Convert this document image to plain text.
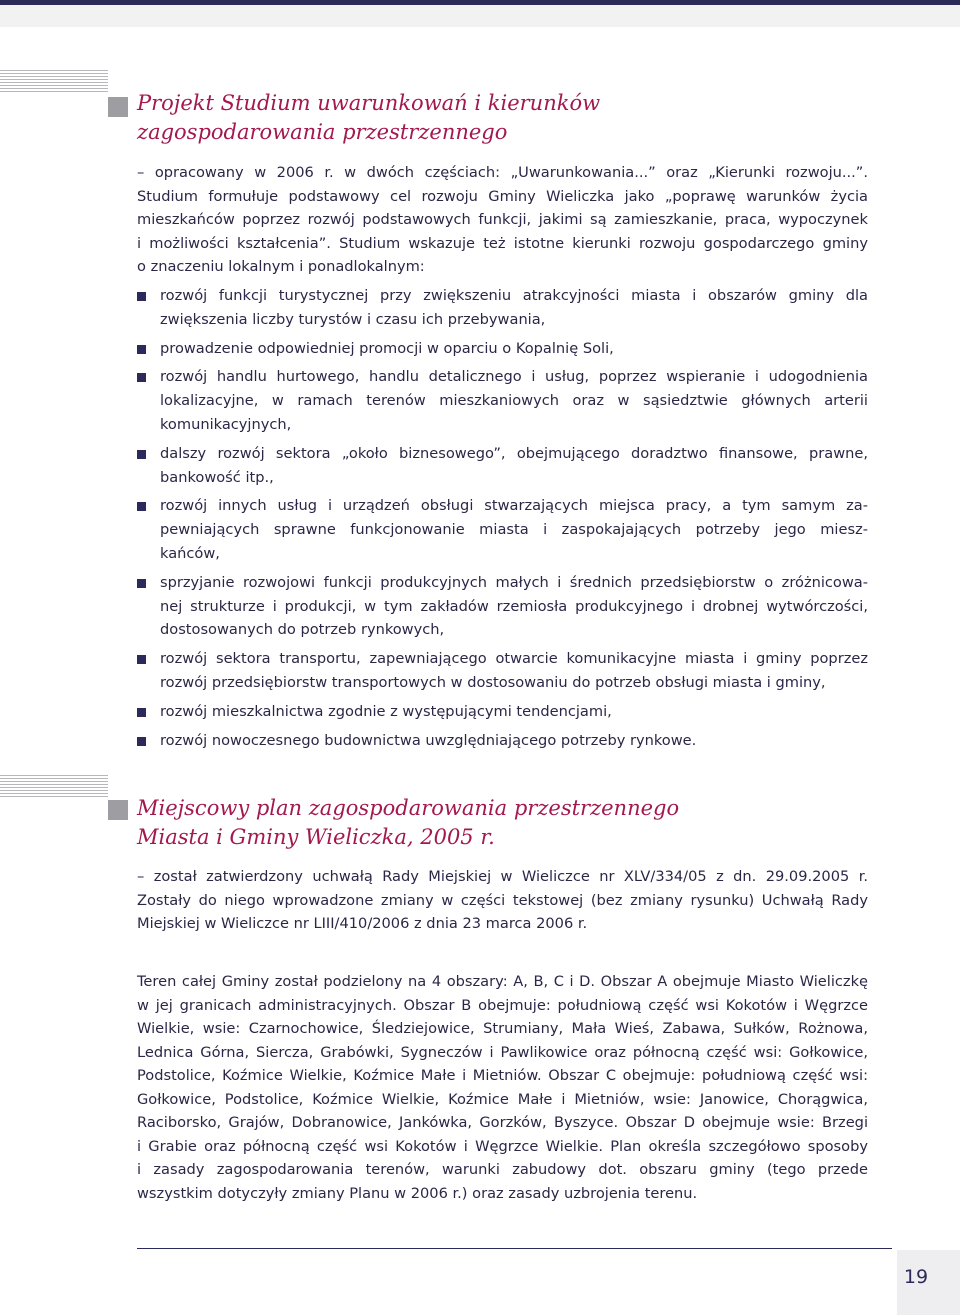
Projekt Studium uwarunkowań i kierunków
zagospodarowania przestrzennego

– opracowany w 2006 r. w dwóch częściach: „Uwarunkowania...” oraz „Kierunki rozwoju...”.
Studium formułuje podstawowy cel rozwoju Gminy Wieliczka jako „poprawę warunków życia
mieszkańców poprzez rozwój podstawowych funkcji, jakimi są zamieszkanie, praca, wypoczynek
i możliwości kształcenia”. Studium wskazuje też istotne kierunki rozwoju gospodarczego gminy
o znaczeniu lokalnym i ponadlokalnym:

rozwój funkcji turystycznej przy zwiększeniu atrakcyjności miasta i obszarów gminy dla
zwiększenia liczby turystów i czasu ich przebywania,
prowadzenie odpowiedniej promocji w oparciu o Kopalnię Soli,
rozwój handlu hurtowego, handlu detalicznego i usług, poprzez wspieranie i udogodnienia
lokalizacyjne, w ramach terenów mieszkaniowych oraz w sąsiedztwie głównych arterii
komunikacyjnych,
dalszy rozwój sektora „około biznesowego”, obejmującego doradztwo finansowe, prawne,
bankowość itp.,
rozwój innych usług i urządzeń obsługi stwarzających miejsca pracy, a tym samym za-
pewniających sprawne funkcjonowanie miasta i zaspokajających potrzeby jego miesz-
kańców,
sprzyjanie rozwojowi funkcji produkcyjnych małych i średnich przedsiębiorstw o zróżnicowa-
nej strukturze i produkcji, w tym zakładów rzemiosła produkcyjnego i drobnej wytwórczości,
dostosowanych do potrzeb rynkowych,
rozwój sektora transportu, zapewniającego otwarcie komunikacyjne miasta i gminy poprzez
rozwój przedsiębiorstw transportowych w dostosowaniu do potrzeb obsługi miasta i gminy,
rozwój mieszkalnictwa zgodnie z występującymi tendencjami,
rozwój nowoczesnego budownictwa uwzględniającego potrzeby rynkowe.
Miejscowy plan zagospodarowania przestrzennego
Miasta i Gminy Wieliczka, 2005 r.

– został zatwierdzony uchwałą Rady Miejskiej w Wieliczce nr XLV/334/05 z dn. 29.09.2005 r.
Zostały do niego wprowadzone zmiany w części tekstowej (bez zmiany rysunku) Uchwałą Rady
Miejskiej w Wieliczce nr LIII/410/2006 z dnia 23 marca 2006 r.

Teren całej Gminy został podzielony na 4 obszary: A, B, C i D. Obszar A obejmuje Miasto Wieliczkę
w jej granicach administracyjnych. Obszar B obejmuje: południową część wsi Kokotów i Węgrzce
Wielkie, wsie: Czarnochowice, Śledziejowice, Strumiany, Mała Wieś, Zabawa, Sułków, Rożnowa,
Lednica Górna, Siercza, Grabówki, Sygneczów i Pawlikowice oraz północną część wsi: Gołkowice,
Podstolice, Koźmice Wielkie, Koźmice Małe i Mietniów. Obszar C obejmuje: południową część wsi:
Gołkowice, Podstolice, Koźmice Wielkie, Koźmice Małe i Mietniów, wsie: Janowice, Chorągwica,
Raciborsko, Grajów, Dobranowice, Jankówka, Gorzków, Byszyce. Obszar D obejmuje wsie: Brzegi
i Grabie oraz północną część wsi Kokotów i Węgrzce Wielkie. Plan określa szczegółowo sposoby
i zasady zagospodarowania terenów, warunki zabudowy dot. obszaru gminy (tego przede
wszystkim dotyczyły zmiany Planu w 2006 r.) oraz zasady uzbrojenia terenu.

19
